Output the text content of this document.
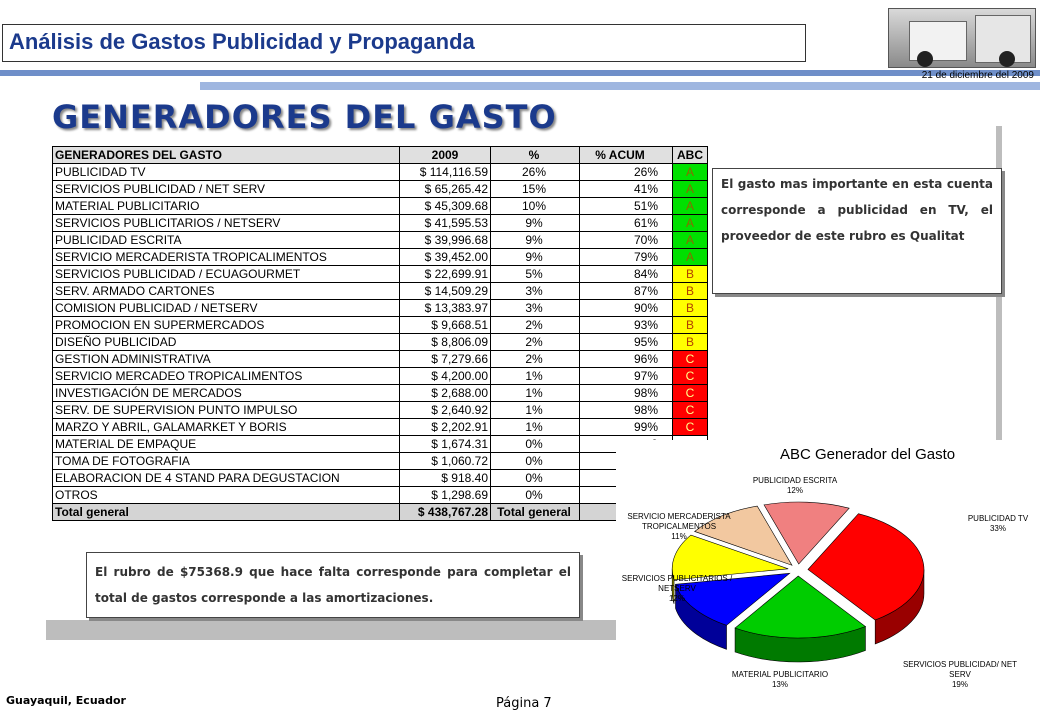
Análisis de Gastos Publicidad y Propaganda
21 de diciembre del 2009
GENERADORES DEL GASTO
GENERADORES DEL GASTO	2009	%	% ACUM	ABC
PUBLICIDAD TV	$ 114,116.59	26%	26%	A
SERVICIOS PUBLICIDAD / NET SERV	$ 65,265.42	15%	41%	A
MATERIAL PUBLICITARIO	$ 45,309.68	10%	51%	A
SERVICIOS PUBLICITARIOS / NETSERV	$ 41,595.53	9%	61%	A
PUBLICIDAD ESCRITA	$ 39,996.68	9%	70%	A
SERVICIO MERCADERISTA TROPICALIMENTOS	$ 39,452.00	9%	79%	A
SERVICIOS PUBLICIDAD / ECUAGOURMET	$ 22,699.91	5%	84%	B
SERV. ARMADO CARTONES	$ 14,509.29	3%	87%	B
COMISION PUBLICIDAD / NETSERV	$ 13,383.97	3%	90%	B
PROMOCION EN SUPERMERCADOS	$ 9,668.51	2%	93%	B
DISEÑO PUBLICIDAD	$ 8,806.09	2%	95%	B
GESTION ADMINISTRATIVA	$ 7,279.66	2%	96%	C
SERVICIO MERCADEO TROPICALIMENTOS	$ 4,200.00	1%	97%	C
INVESTIGACIÓN DE MERCADOS	$ 2,688.00	1%	98%	C
SERV. DE SUPERVISION PUNTO IMPULSO	$ 2,640.92	1%	98%	C
MARZO Y ABRIL, GALAMARKET Y BORIS	$ 2,202.91	1%	99%	C
MATERIAL DE EMPAQUE	$ 1,674.31	0%		
TOMA DE FOTOGRAFIA	$ 1,060.72	0%		
ELABORACION DE 4 STAND PARA DEGUSTACION	$ 918.40	0%		
OTROS	$ 1,298.69	0%		
Total general	$ 438,767.28	Total general		
El gasto mas importante en esta cuenta corresponde a publicidad en TV, el proveedor de este rubro es Qualitat
El rubro de $75368.9 que hace falta corresponde para completar el total de gastos corresponde a las amortizaciones.
ABC Generador del Gasto
PUBLICIDAD TV
33%
SERVICIOS PUBLICIDAD/ NET SERV
19%
MATERIAL PUBLICITARIO
13%
SERVICIOS PUBLICITARIOS / NETSERV
12%
SERVICIO MERCADERISTA TROPICALMENTOS
11%
PUBLICIDAD ESCRITA
12%
Guayaquil, Ecuador	Página 7
